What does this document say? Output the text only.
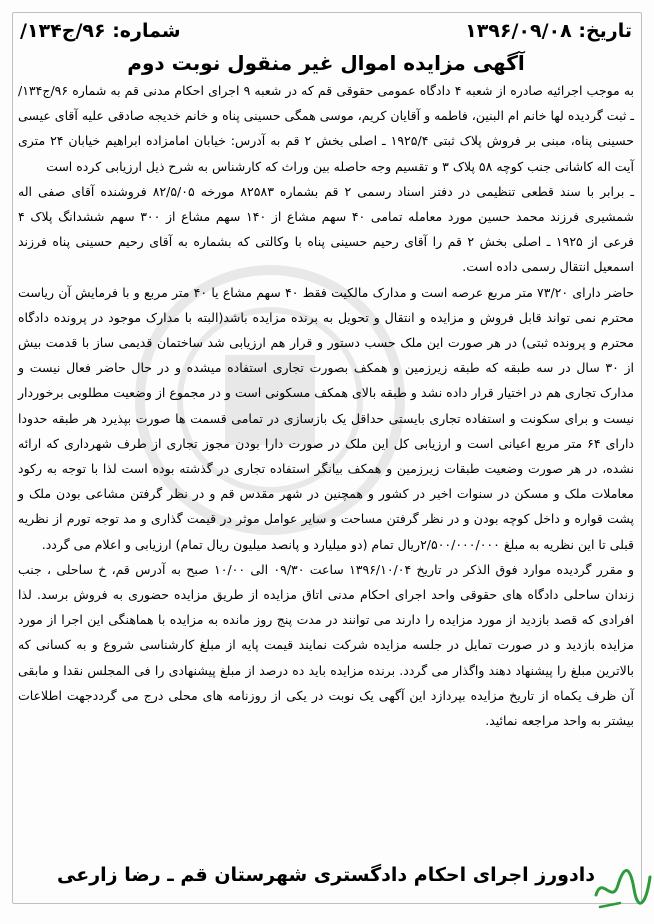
تاریخ: ۱۳۹۶/۰۹/۰۸
شماره: ۹۶/ج۱۳۴/
آگهی مزایده اموال غیر منقول نوبت دوم

به موجب اجرائیه صادره از شعبه ۴ دادگاه عمومی حقوقی قم که در شعبه ۹ اجرای احکام مدنی قم به شماره ۹۶/ج۱۳۴/ ـ ثبت گردیده لها خانم ام البنین، فاطمه و آقایان کریم، موسی همگی حسینی پناه و خانم خدیجه صادقی علیه آقای عیسی حسینی پناه، مبنی بر فروش پلاک ثبتی ۱۹۲۵/۴ ـ اصلی بخش ۲ قم به آدرس: خیابان امامزاده ابراهیم خیابان ۲۴ متری آیت اله کاشانی جنب کوچه ۵۸ پلاک ۳ و تقسیم وجه حاصله بین وراث که کارشناس به شرح ذیل ارزیابی کرده است

ـ برابر با سند قطعی تنظیمی در دفتر اسناد رسمی ۲ قم بشماره ۸۲۵۸۳ مورخه ۸۲/۵/۰۵ فروشنده آقای صفی اله شمشیری فرزند محمد حسین مورد معامله تمامی ۴۰ سهم مشاع از ۱۴۰ سهم مشاع از ۳۰۰ سهم ششدانگ پلاک ۴ فرعی از ۱۹۲۵ ـ اصلی بخش ۲ قم را آقای رحیم حسینی پناه با وکالتی که بشماره به آقای رحیم حسینی پناه فرزند اسمعیل انتقال رسمی داده است.

حاضر دارای ۷۳/۲۰ متر مربع عرصه است و مدارک مالکیت فقط ۴۰ سهم مشاع یا ۴۰ متر مربع و با فرمایش آن ریاست محترم نمی تواند قابل فروش و مزایده و انتقال و تحویل به برنده مزایده باشد(البته با مدارک موجود در پرونده دادگاه محترم و پرونده ثبتی) در هر صورت این ملک حسب دستور و قرار هم ارزیابی شد ساختمان قدیمی ساز با قدمت بیش از ۳۰ سال در سه طبقه که طبقه زیرزمین و همکف بصورت تجاری استفاده میشده و در حال حاضر فعال نیست و مدارک تجاری هم در اختیار قرار داده نشد و طبقه بالای همکف مسکونی است و در مجموع از وضعیت مطلوبی برخوردار نیست و برای سکونت و استفاده تجاری بایستی حداقل یک بازسازی در تمامی قسمت ها صورت بپذیرد هر طبقه حدودا دارای ۶۴ متر مربع اعیانی است و ارزیابی کل این ملک در صورت دارا بودن مجوز تجاری از طرف شهرداری که ارائه نشده، در هر صورت وضعیت طبقات زیرزمین و همکف بیانگر استفاده تجاری در گذشته بوده است لذا با توجه به رکود معاملات ملک و مسکن در سنوات اخیر در کشور و همچنین در شهر مقدس قم و در نظر گرفتن مشاعی بودن ملک و پشت قواره و داخل کوچه بودن و در نظر گرفتن مساحت و سایر عوامل موثر در قیمت گذاری و مد توجه تورم از نظریه قبلی تا این نظریه به مبلغ ۲/۵۰۰/۰۰۰/۰۰۰ریال تمام (دو میلیارد و پانصد میلیون ریال تمام) ارزیابی و اعلام می گردد.

و مقرر گردیده موارد فوق الذکر در تاریخ ۱۳۹۶/۱۰/۰۴ ساعت ۰۹/۳۰ الی ۱۰/۰۰ صبح به آدرس قم، خ ساحلی ، جنب زندان ساحلی دادگاه های حقوقی واحد اجرای احکام مدنی اتاق مزایده از طریق مزایده حضوری به فروش برسد. لذا افرادی که قصد بازدید از مورد مزایده را دارند می توانند در مدت پنج روز مانده به مزایده با هماهنگی این اجرا از مورد مزایده بازدید و در صورت تمایل در جلسه مزایده شرکت نمایند قیمت پایه از مبلغ کارشناسی شروع و به کسانی که بالاترین مبلغ را پیشنهاد دهند واگذار می گردد. برنده مزایده باید ده درصد از مبلغ پیشنهادی را فی المجلس نقدا و مابقی آن ظرف یکماه از تاریخ مزایده بپردازد این آگهی یک نوبت در یکی از روزنامه های محلی درج می گرددجهت اطلاعات بیشتر به واحد مراجعه نمائید.

دادورز اجرای احکام دادگستری شهرستان قم ـ رضا زارعی
